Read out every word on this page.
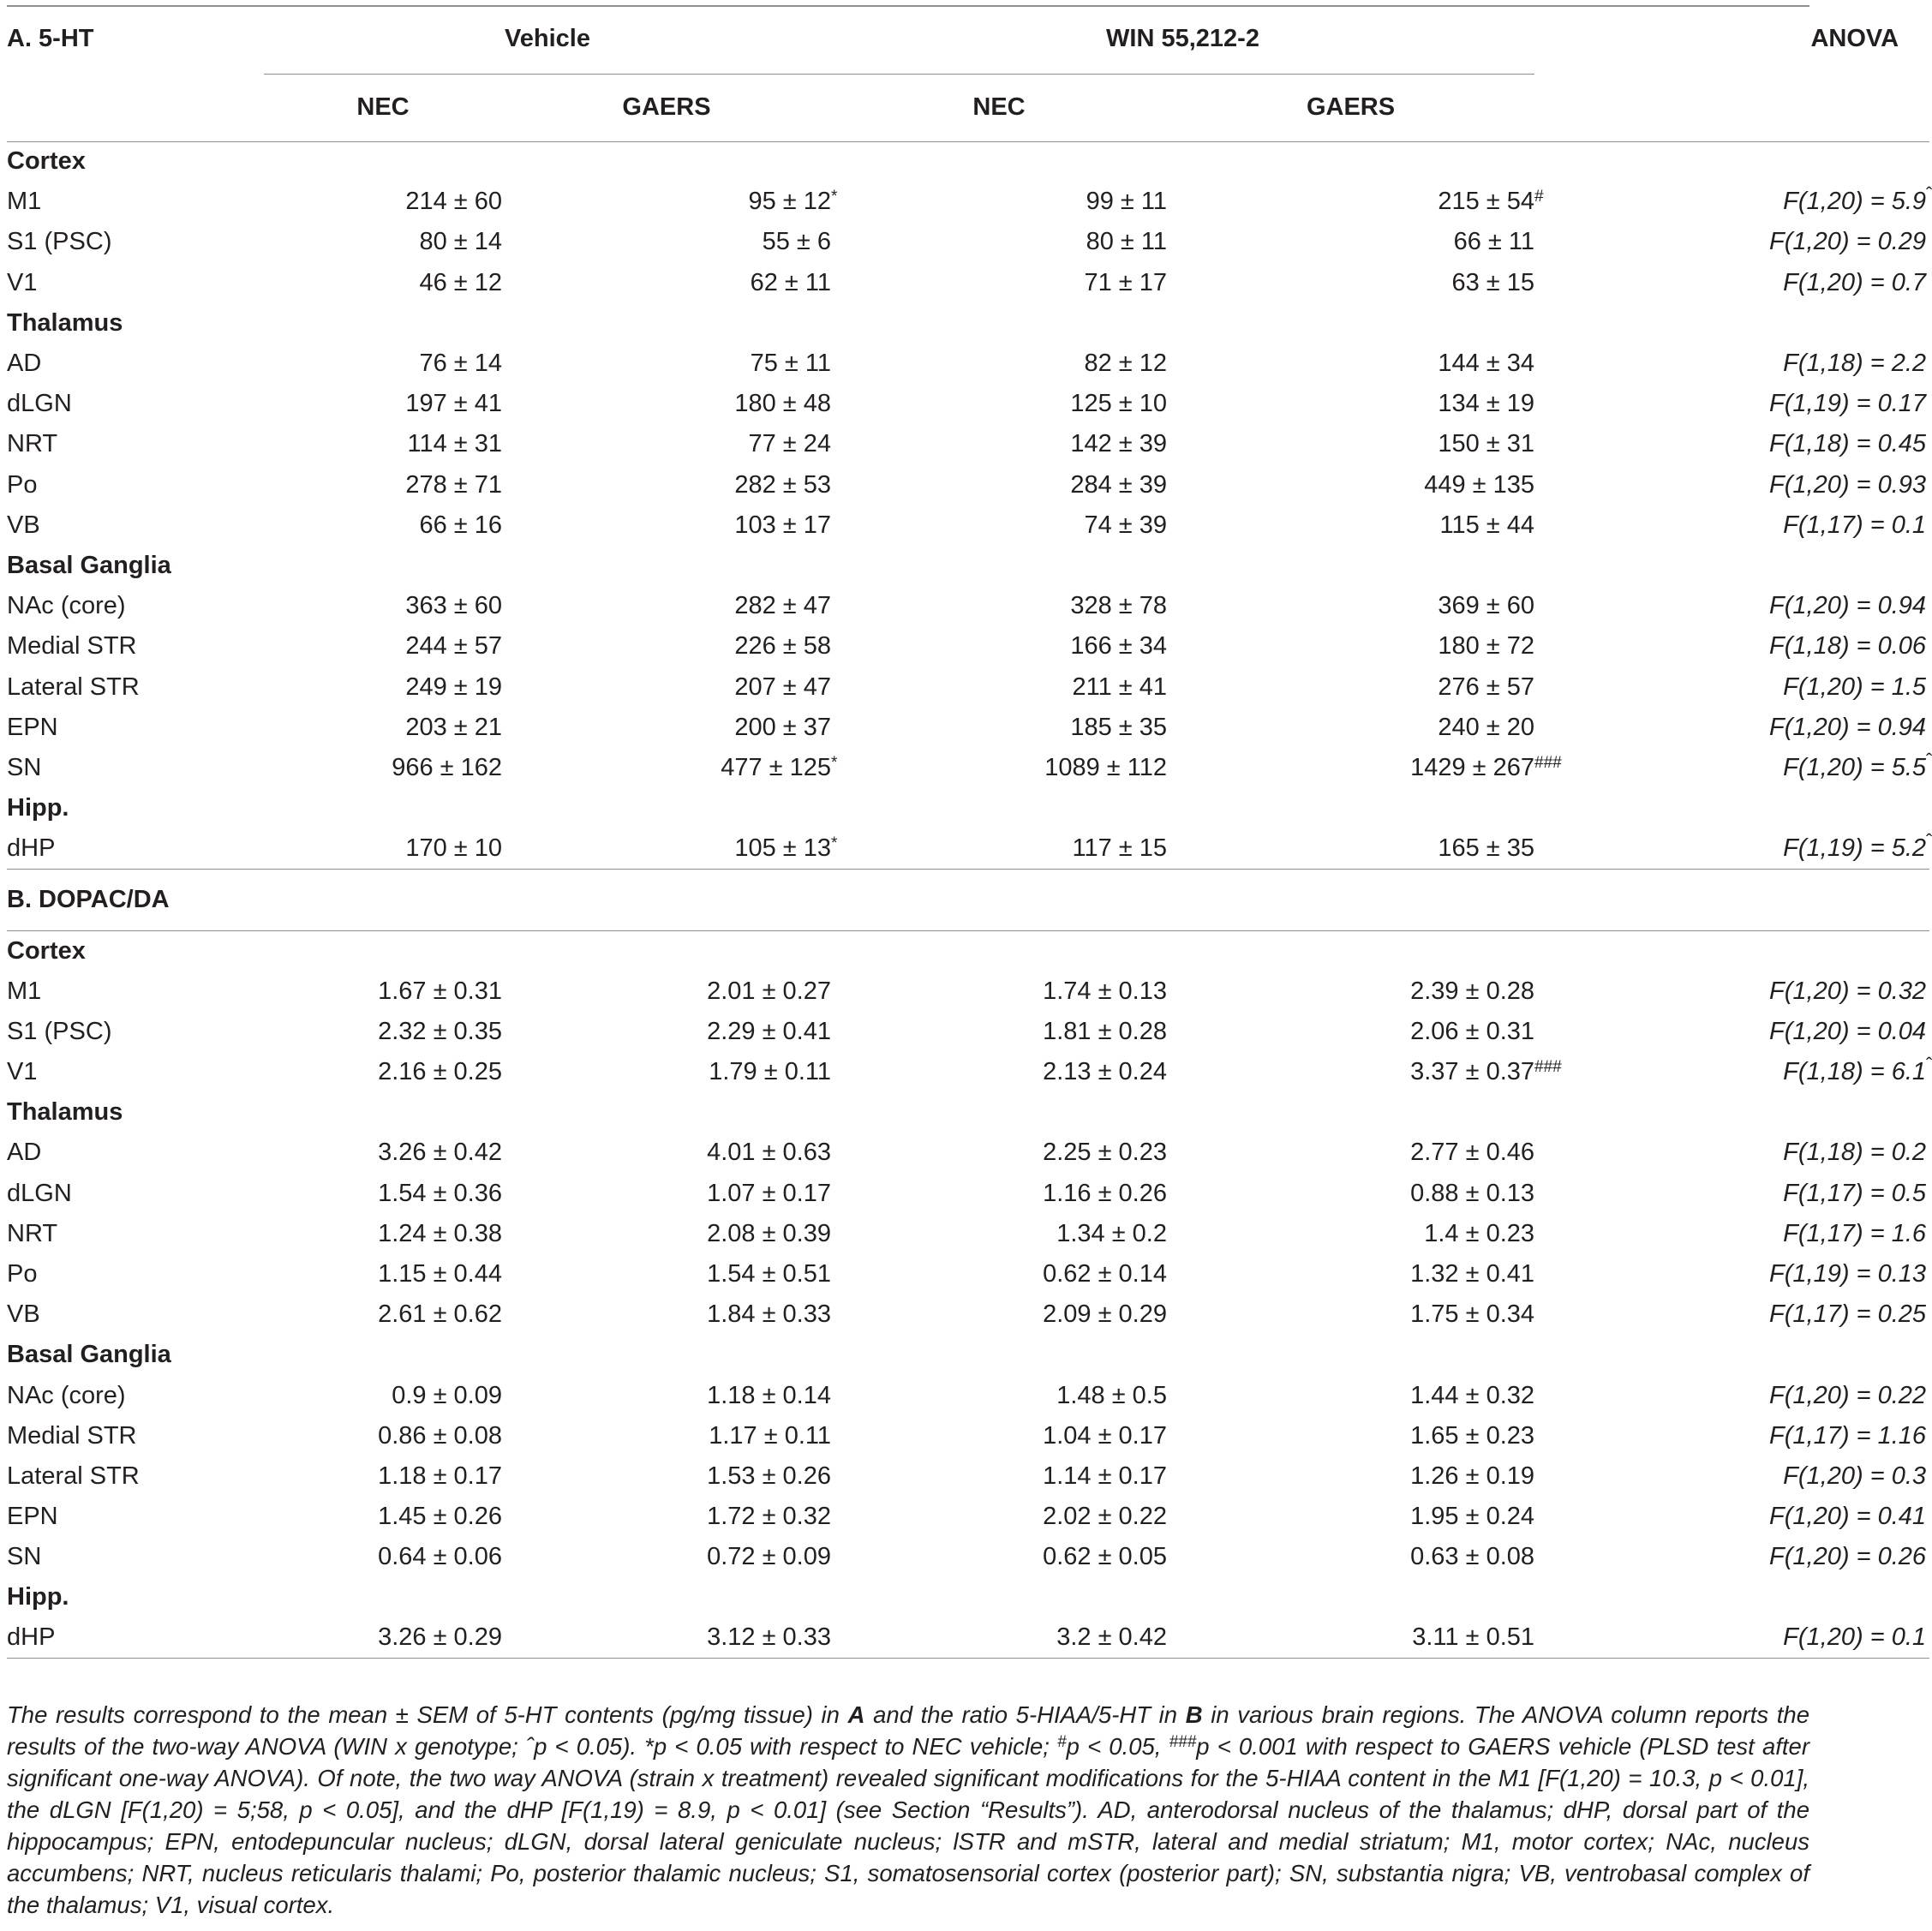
A. 5-HT		Vehicle		WIN 55,212-2		ANOVA
		NEC	GAERS	NEC	GAERS	
Cortex					
M1		214 ± 60	95 ± 12*	99 ± 11	215 ± 54#	F(1,20) = 5.9ˆ
S1 (PSC)		80 ± 14	55 ± 6	80 ± 11	66 ± 11	F(1,20) = 0.29
V1		46 ± 12	62 ± 11	71 ± 17	63 ± 15	F(1,20) = 0.7
Thalamus					
AD		76 ± 14	75 ± 11	82 ± 12	144 ± 34	F(1,18) = 2.2
dLGN		197 ± 41	180 ± 48	125 ± 10	134 ± 19	F(1,19) = 0.17
NRT		114 ± 31	77 ± 24	142 ± 39	150 ± 31	F(1,18) = 0.45
Po		278 ± 71	282 ± 53	284 ± 39	449 ± 135	F(1,20) = 0.93
VB		66 ± 16	103 ± 17	74 ± 39	115 ± 44	F(1,17) = 0.1
Basal Ganglia					
NAc (core)		363 ± 60	282 ± 47	328 ± 78	369 ± 60	F(1,20) = 0.94
Medial STR		244 ± 57	226 ± 58	166 ± 34	180 ± 72	F(1,18) = 0.06
Lateral STR		249 ± 19	207 ± 47	211 ± 41	276 ± 57	F(1,20) = 1.5
EPN		203 ± 21	200 ± 37	185 ± 35	240 ± 20	F(1,20) = 0.94
SN		966 ± 162	477 ± 125*	1089 ± 112	1429 ± 267###	F(1,20) = 5.5ˆ
Hipp.					
dHP		170 ± 10	105 ± 13*	117 ± 15	165 ± 35	F(1,19) = 5.2ˆ
B. DOPAC/DA					
Cortex					
M1		1.67 ± 0.31	2.01 ± 0.27	1.74 ± 0.13	2.39 ± 0.28	F(1,20) = 0.32
S1 (PSC)		2.32 ± 0.35	2.29 ± 0.41	1.81 ± 0.28	2.06 ± 0.31	F(1,20) = 0.04
V1		2.16 ± 0.25	1.79 ± 0.11	2.13 ± 0.24	3.37 ± 0.37###	F(1,18) = 6.1ˆ
Thalamus					
AD		3.26 ± 0.42	4.01 ± 0.63	2.25 ± 0.23	2.77 ± 0.46	F(1,18) = 0.2
dLGN		1.54 ± 0.36	1.07 ± 0.17	1.16 ± 0.26	0.88 ± 0.13	F(1,17) = 0.5
NRT		1.24 ± 0.38	2.08 ± 0.39	1.34 ± 0.2	1.4 ± 0.23	F(1,17) = 1.6
Po		1.15 ± 0.44	1.54 ± 0.51	0.62 ± 0.14	1.32 ± 0.41	F(1,19) = 0.13
VB		2.61 ± 0.62	1.84 ± 0.33	2.09 ± 0.29	1.75 ± 0.34	F(1,17) = 0.25
Basal Ganglia					
NAc (core)		0.9 ± 0.09	1.18 ± 0.14	1.48 ± 0.5	1.44 ± 0.32	F(1,20) = 0.22
Medial STR		0.86 ± 0.08	1.17 ± 0.11	1.04 ± 0.17	1.65 ± 0.23	F(1,17) = 1.16
Lateral STR		1.18 ± 0.17	1.53 ± 0.26	1.14 ± 0.17	1.26 ± 0.19	F(1,20) = 0.3
EPN		1.45 ± 0.26	1.72 ± 0.32	2.02 ± 0.22	1.95 ± 0.24	F(1,20) = 0.41
SN		0.64 ± 0.06	0.72 ± 0.09	0.62 ± 0.05	0.63 ± 0.08	F(1,20) = 0.26
Hipp.					
dHP		3.26 ± 0.29	3.12 ± 0.33	3.2 ± 0.42	3.11 ± 0.51	F(1,20) = 0.1

The results correspond to the mean ± SEM of 5-HT contents (pg/mg tissue) in A and the ratio 5-HIAA/5-HT in B in various brain regions. The ANOVA column reports the results of the two-way ANOVA (WIN x genotype; ˆp < 0.05). *p < 0.05 with respect to NEC vehicle; #p < 0.05, ###p < 0.001 with respect to GAERS vehicle (PLSD test after significant one-way ANOVA). Of note, the two way ANOVA (strain x treatment) revealed significant modifications for the 5-HIAA content in the M1 [F(1,20) = 10.3, p < 0.01], the dLGN [F(1,20) = 5;58, p < 0.05], and the dHP [F(1,19) = 8.9, p < 0.01] (see Section “Results”). AD, anterodorsal nucleus of the thalamus; dHP, dorsal part of the hippocampus; EPN, entodepuncular nucleus; dLGN, dorsal lateral geniculate nucleus; lSTR and mSTR, lateral and medial striatum; M1, motor cortex; NAc, nucleus accumbens; NRT, nucleus reticularis thalami; Po, posterior thalamic nucleus; S1, somatosensorial cortex (posterior part); SN, substantia nigra; VB, ventrobasal complex of the thalamus; V1, visual cortex.
